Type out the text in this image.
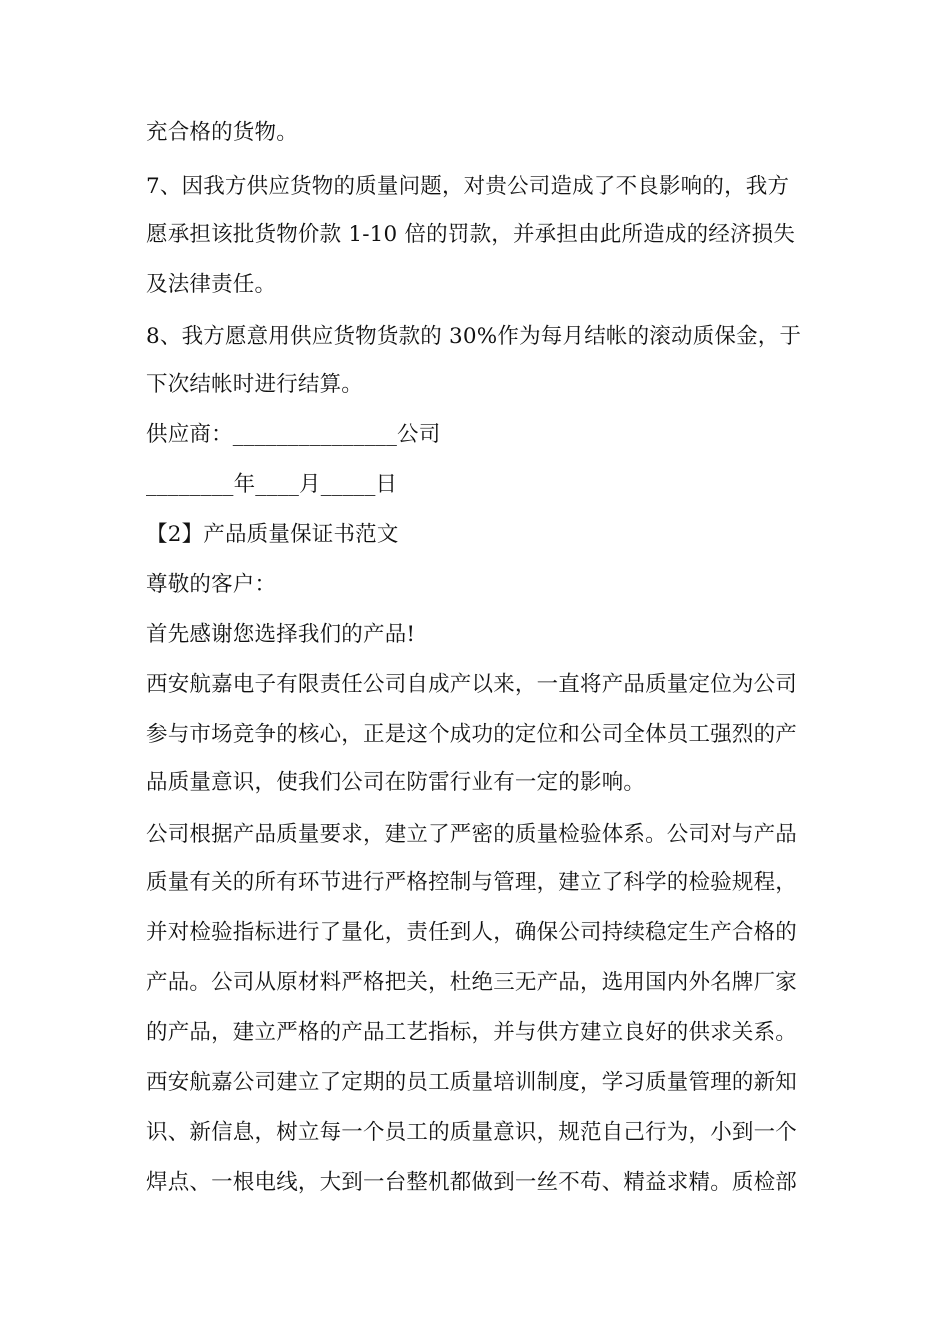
充合格的货物。
7、因我方供应货物的质量问题，对贵公司造成了不良影响的，我方
愿承担该批货物价款 1-10 倍的罚款，并承担由此所造成的经济损失
及法律责任。
8、我方愿意用供应货物货款的 30%作为每月结帐的滚动质保金，于
下次结帐时进行结算。
供应商：_______________公司
________年____月_____日
【2】产品质量保证书范文
尊敬的客户：
首先感谢您选择我们的产品!
西安航嘉电子有限责任公司自成产以来，一直将产品质量定位为公司
参与市场竞争的核心，正是这个成功的定位和公司全体员工强烈的产
品质量意识，使我们公司在防雷行业有一定的影响。
公司根据产品质量要求，建立了严密的质量检验体系。公司对与产品
质量有关的所有环节进行严格控制与管理，建立了科学的检验规程，
并对检验指标进行了量化，责任到人，确保公司持续稳定生产合格的
产品。公司从原材料严格把关，杜绝三无产品，选用国内外名牌厂家
的产品，建立严格的产品工艺指标，并与供方建立良好的供求关系。
西安航嘉公司建立了定期的员工质量培训制度，学习质量管理的新知
识、新信息，树立每一个员工的质量意识，规范自己行为，小到一个
焊点、一根电线，大到一台整机都做到一丝不苟、精益求精。质检部
